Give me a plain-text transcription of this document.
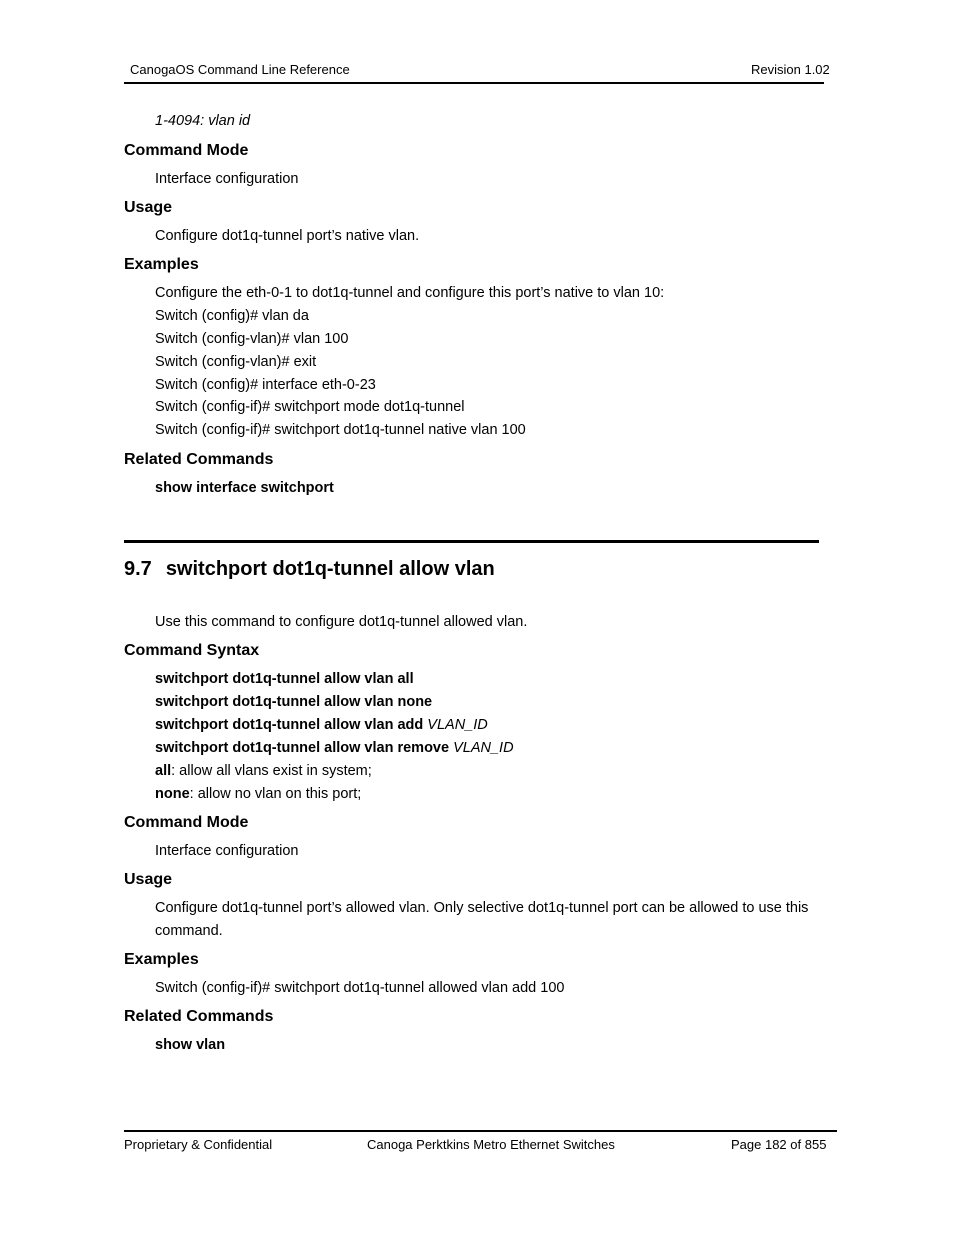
CanogaOS Command Line Reference	Revision 1.02
1-4094: vlan id
Command Mode
Interface configuration
Usage
Configure dot1q-tunnel port’s native vlan.
Examples
Configure the eth-0-1 to dot1q-tunnel and configure this port’s native to vlan 10:
Switch (config)# vlan da
Switch (config-vlan)# vlan 100
Switch (config-vlan)# exit
Switch (config)# interface eth-0-23
Switch (config-if)# switchport mode dot1q-tunnel
Switch (config-if)# switchport dot1q-tunnel native vlan 100
Related Commands
show interface switchport
9.7 switchport dot1q-tunnel allow vlan
Use this command to configure dot1q-tunnel allowed vlan.
Command Syntax
switchport dot1q-tunnel allow vlan all
switchport dot1q-tunnel allow vlan none
switchport dot1q-tunnel allow vlan add VLAN_ID
switchport dot1q-tunnel allow vlan remove VLAN_ID
all: allow all vlans exist in system;
none: allow no vlan on this port;
Command Mode
Interface configuration
Usage
Configure dot1q-tunnel port’s allowed vlan. Only selective dot1q-tunnel port can be allowed to use this
command.
Examples
Switch (config-if)# switchport dot1q-tunnel allowed vlan add 100
Related Commands
show vlan
Proprietary & Confidential	Canoga Perktkins Metro Ethernet Switches	Page 182 of 855
